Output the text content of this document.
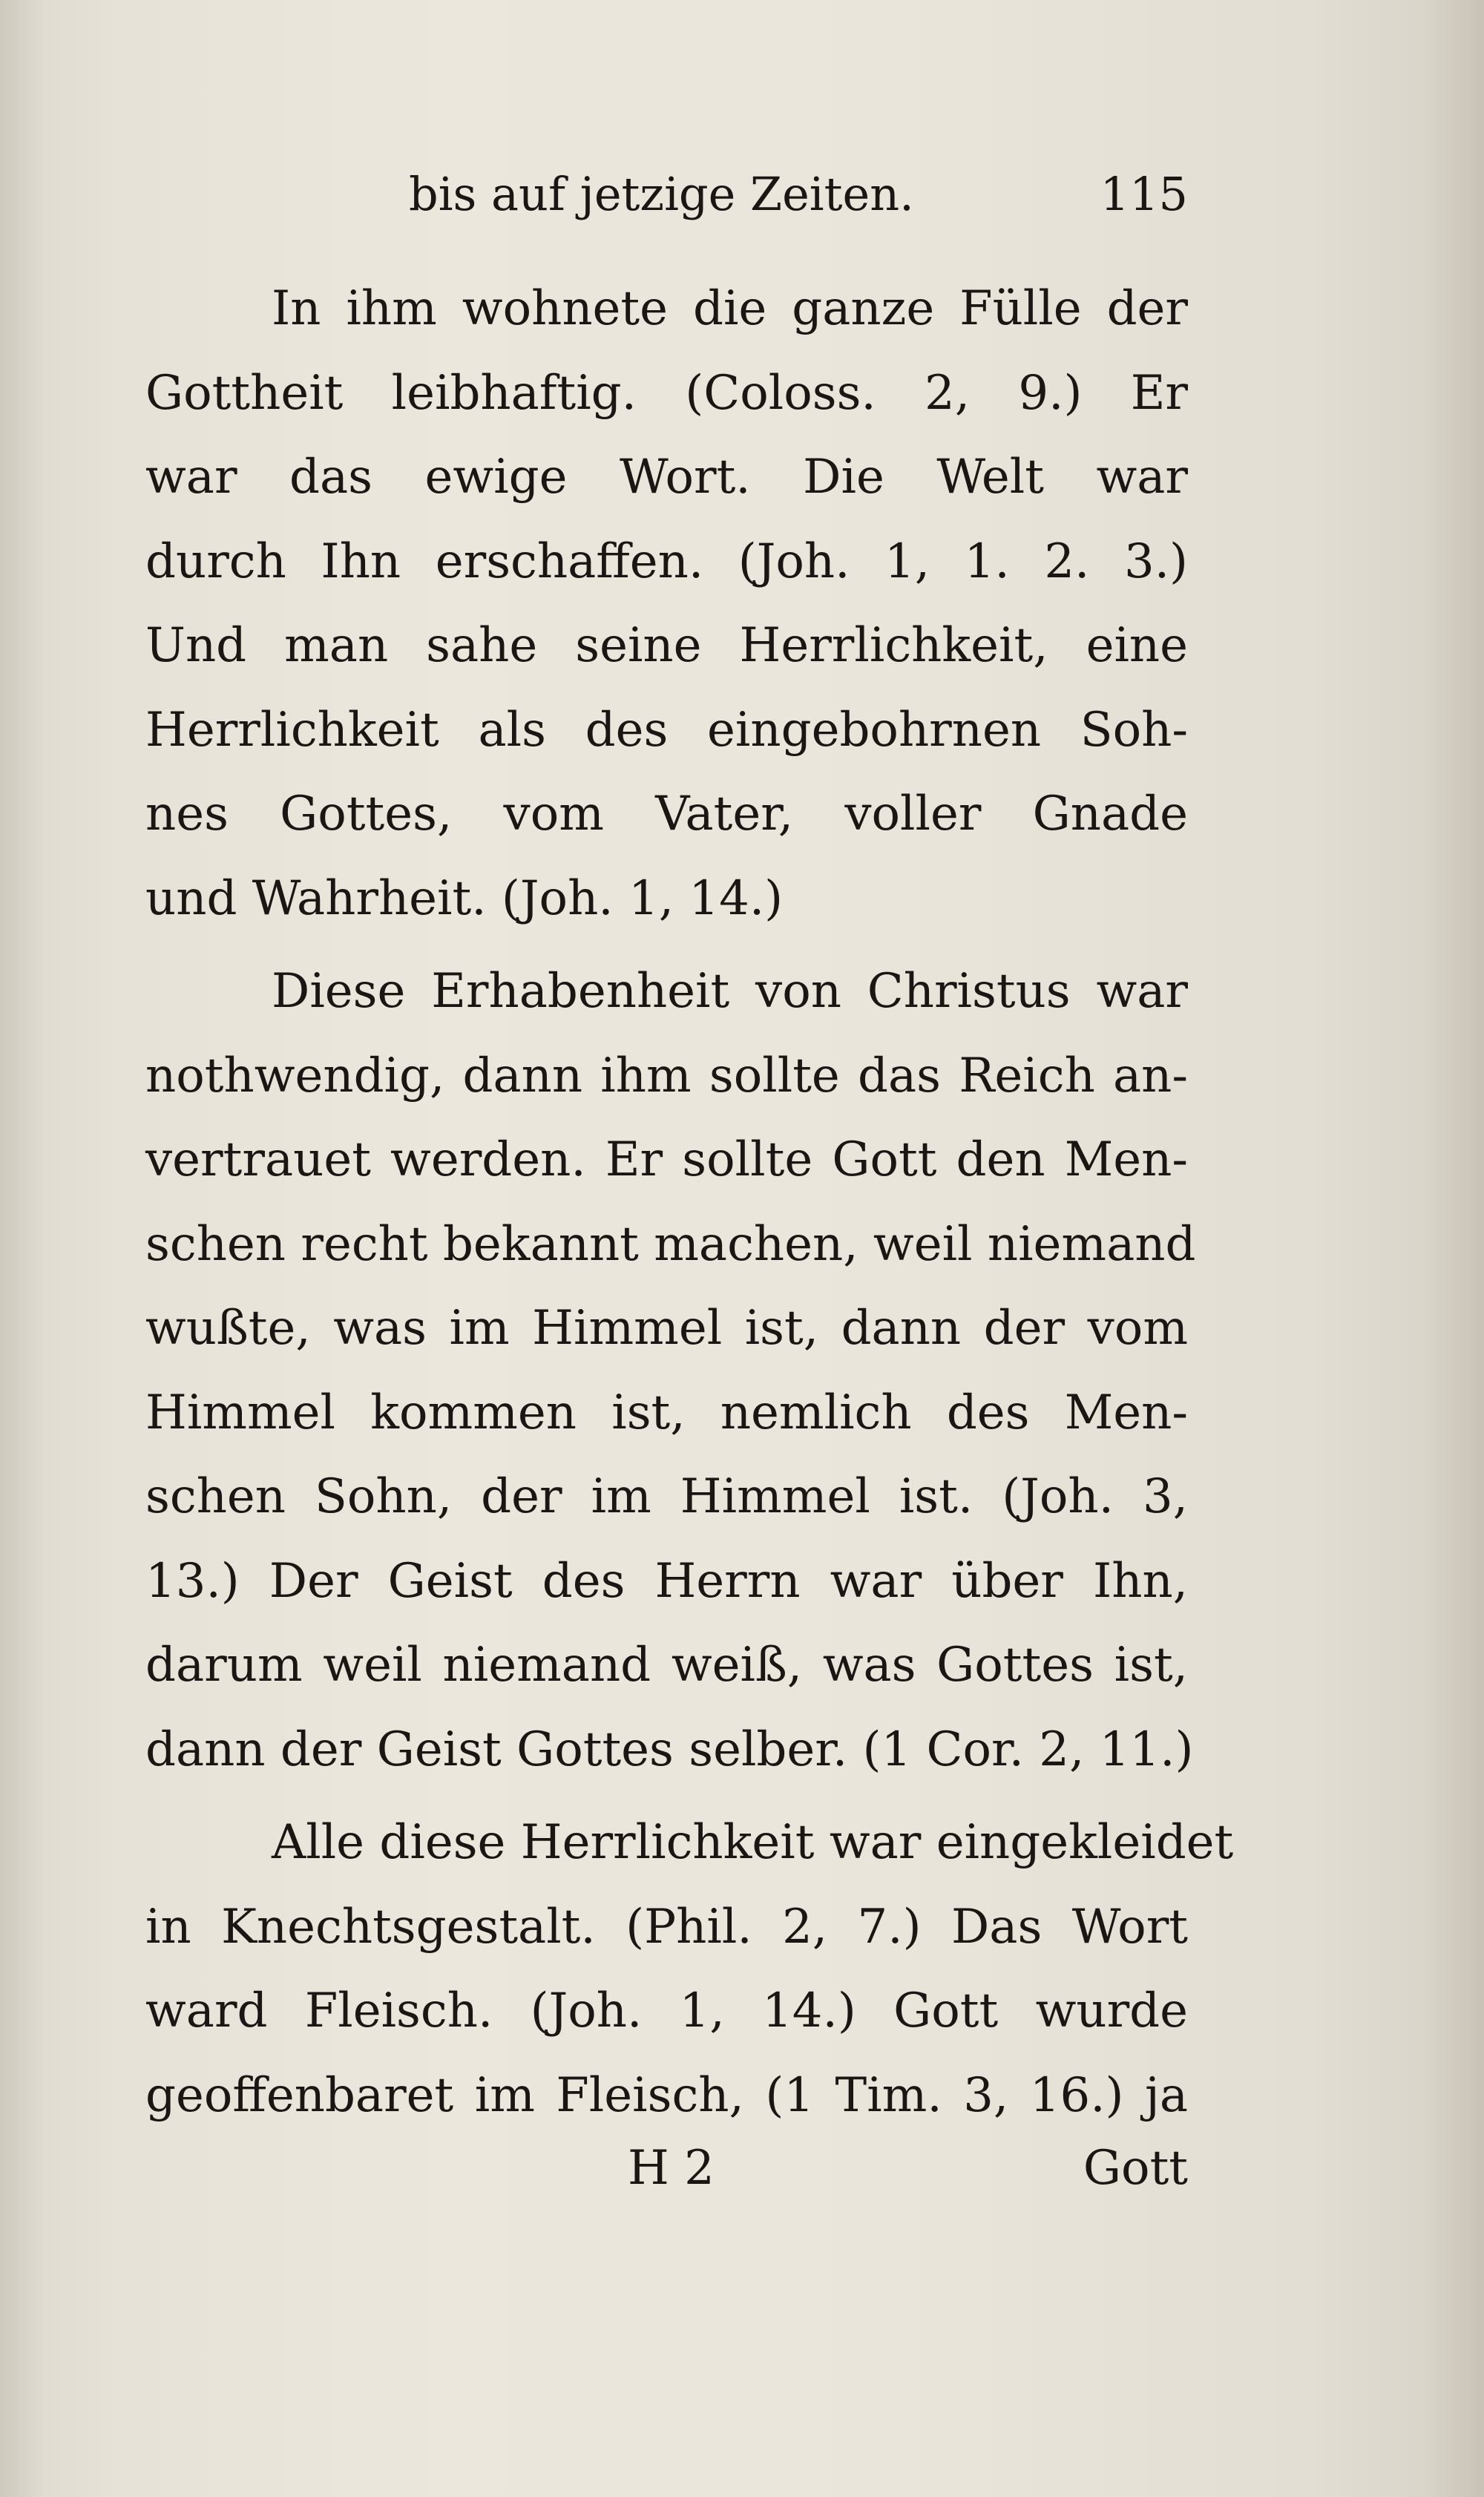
bis auf jetzige Zeiten.	115
In ihm wohnete die ganze Fülle der
Gottheit leibhaftig. (Coloss. 2, 9.) Er
war das ewige Wort. Die Welt war
durch Ihn erschaffen. (Joh. 1, 1. 2. 3.)
Und man sahe seine Herrlichkeit, eine
Herrlichkeit als des eingebohrnen Soh-
nes Gottes, vom Vater, voller Gnade
und Wahrheit. (Joh. 1, 14.)
Diese Erhabenheit von Christus war
nothwendig, dann ihm sollte das Reich an-
vertrauet werden. Er sollte Gott den Men-
schen recht bekannt machen, weil niemand
wußte, was im Himmel ist, dann der vom
Himmel kommen ist, nemlich des Men-
schen Sohn, der im Himmel ist. (Joh. 3,
13.) Der Geist des Herrn war über Ihn,
darum weil niemand weiß, was Gottes ist,
dann der Geist Gottes selber. (1 Cor. 2, 11.)
Alle diese Herrlichkeit war eingekleidet
in Knechtsgestalt. (Phil. 2, 7.) Das Wort
ward Fleisch. (Joh. 1, 14.) Gott wurde
geoffenbaret im Fleisch, (1 Tim. 3, 16.) ja
H 2	Gott
